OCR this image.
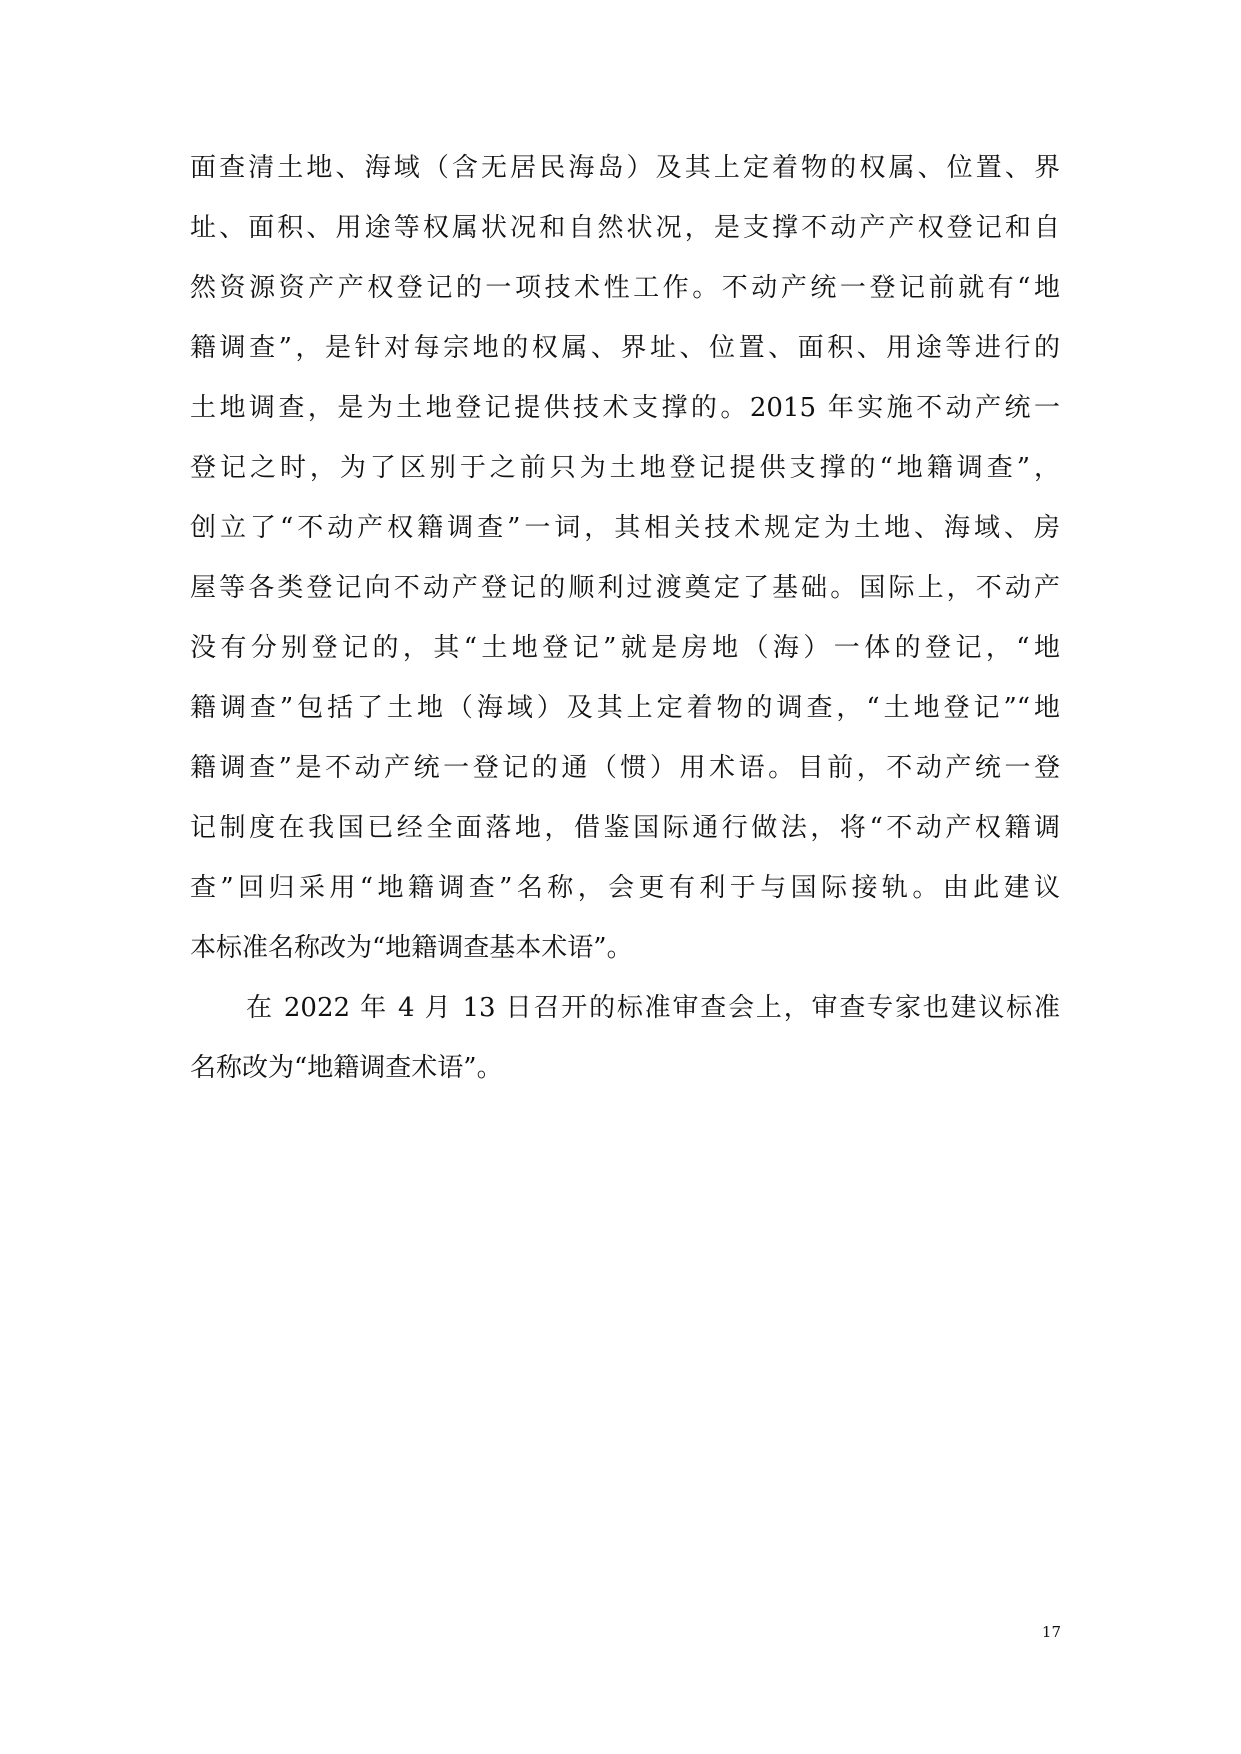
面查清土地、海域（含无居民海岛）及其上定着物的权属、位置、界
址、面积、用途等权属状况和自然状况，是支撑不动产产权登记和自
然资源资产产权登记的一项技术性工作。不动产统一登记前就有“地
籍调查”，是针对每宗地的权属、界址、位置、面积、用途等进行的
土地调查，是为土地登记提供技术支撑的。2015 年实施不动产统一
登记之时，为了区别于之前只为土地登记提供支撑的“地籍调查”，
创立了“不动产权籍调查”一词，其相关技术规定为土地、海域、房
屋等各类登记向不动产登记的顺利过渡奠定了基础。国际上，不动产
没有分别登记的，其“土地登记”就是房地（海）一体的登记，“地
籍调查”包括了土地（海域）及其上定着物的调查，“土地登记”“地
籍调查”是不动产统一登记的通（惯）用术语。目前，不动产统一登
记制度在我国已经全面落地，借鉴国际通行做法，将“不动产权籍调
查”回归采用“地籍调查”名称，会更有利于与国际接轨。由此建议
本标准名称改为“地籍调查基本术语”。
在 2022 年 4 月 13 日召开的标准审查会上，审查专家也建议标准
名称改为“地籍调查术语”。
17
